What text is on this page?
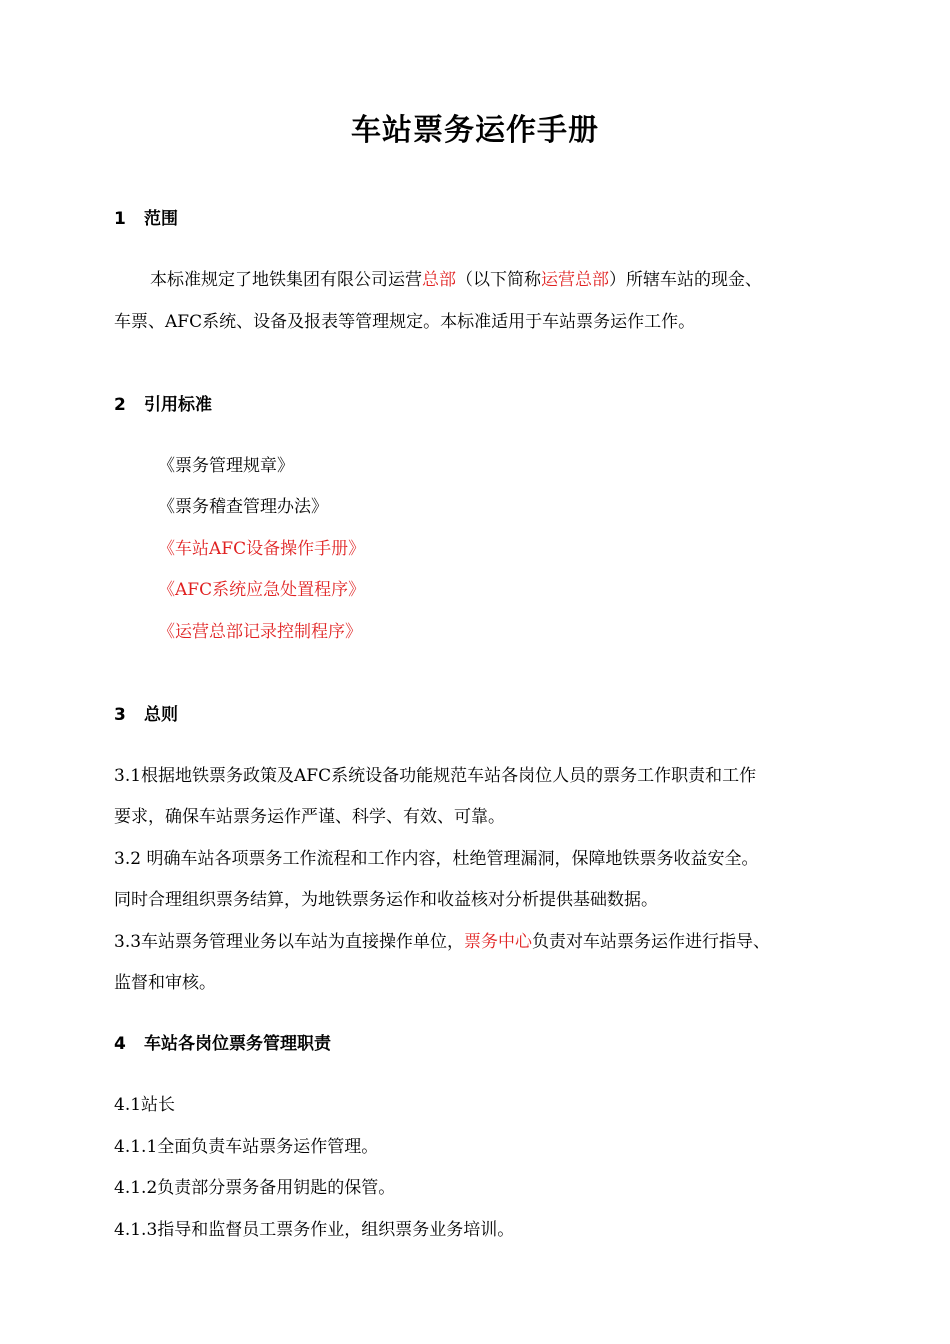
车站票务运作手册
1 范围
本标准规定了地铁集团有限公司运营总部（以下简称运营总部）所辖车站的现金、
车票、AFC系统、设备及报表等管理规定。本标准适用于车站票务运作工作。
2 引用标准
《票务管理规章》
《票务稽查管理办法》
《车站AFC设备操作手册》
《AFC系统应急处置程序》
《运营总部记录控制程序》
3 总则
3.1根据地铁票务政策及AFC系统设备功能规范车站各岗位人员的票务工作职责和工作
要求，确保车站票务运作严谨、科学、有效、可靠。
3.2 明确车站各项票务工作流程和工作内容，杜绝管理漏洞，保障地铁票务收益安全。
同时合理组织票务结算，为地铁票务运作和收益核对分析提供基础数据。
3.3车站票务管理业务以车站为直接操作单位，票务中心负责对车站票务运作进行指导、
监督和审核。
4 车站各岗位票务管理职责
4.1站长
4.1.1全面负责车站票务运作管理。
4.1.2负责部分票务备用钥匙的保管。
4.1.3指导和监督员工票务作业，组织票务业务培训。
